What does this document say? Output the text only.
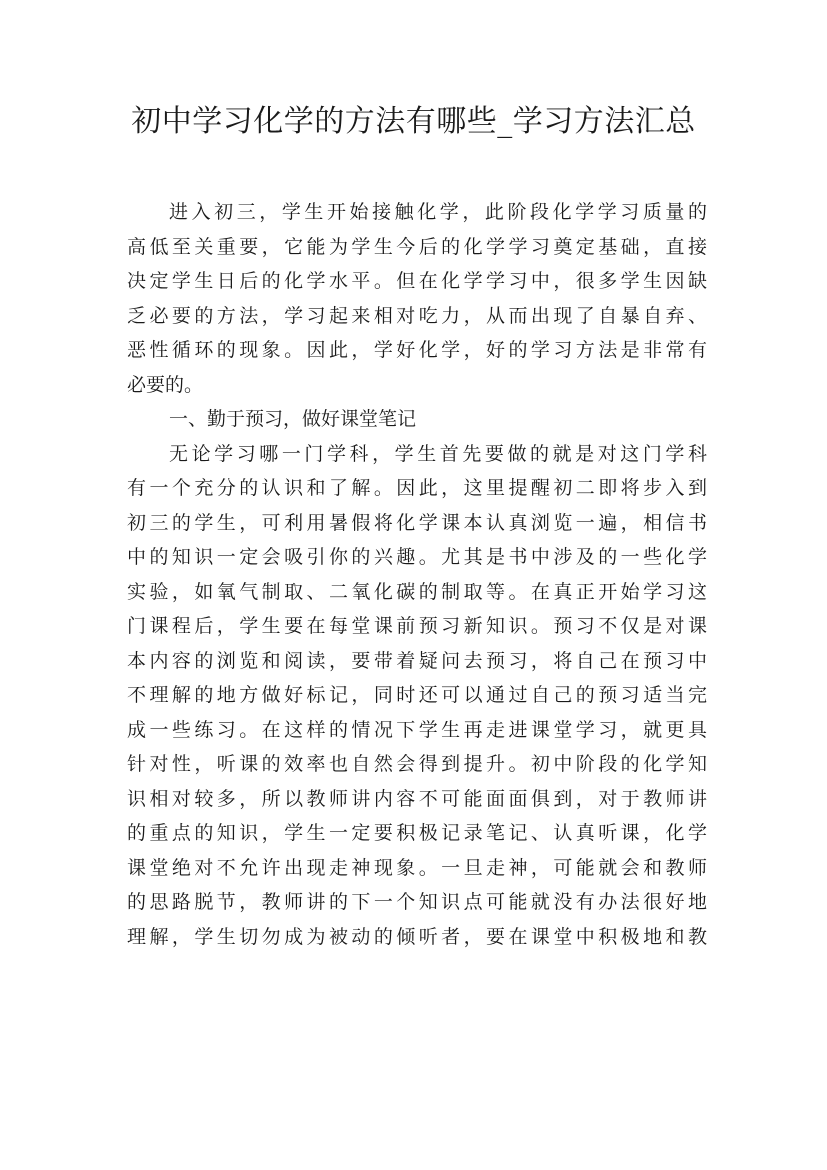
初中学习化学的方法有哪些_学习方法汇总
进入初三，学生开始接触化学，此阶段化学学习质量的
高低至关重要，它能为学生今后的化学学习奠定基础，直接
决定学生日后的化学水平。但在化学学习中，很多学生因缺
乏必要的方法，学习起来相对吃力，从而出现了自暴自弃、
恶性循环的现象。因此，学好化学，好的学习方法是非常有
必要的。
一、勤于预习，做好课堂笔记
无论学习哪一门学科，学生首先要做的就是对这门学科
有一个充分的认识和了解。因此，这里提醒初二即将步入到
初三的学生，可利用暑假将化学课本认真浏览一遍，相信书
中的知识一定会吸引你的兴趣。尤其是书中涉及的一些化学
实验，如氧气制取、二氧化碳的制取等。在真正开始学习这
门课程后，学生要在每堂课前预习新知识。预习不仅是对课
本内容的浏览和阅读，要带着疑问去预习，将自己在预习中
不理解的地方做好标记，同时还可以通过自己的预习适当完
成一些练习。在这样的情况下学生再走进课堂学习，就更具
针对性，听课的效率也自然会得到提升。初中阶段的化学知
识相对较多，所以教师讲内容不可能面面俱到，对于教师讲
的重点的知识，学生一定要积极记录笔记、认真听课，化学
课堂绝对不允许出现走神现象。一旦走神，可能就会和教师
的思路脱节，教师讲的下一个知识点可能就没有办法很好地
理解，学生切勿成为被动的倾听者，要在课堂中积极地和教
